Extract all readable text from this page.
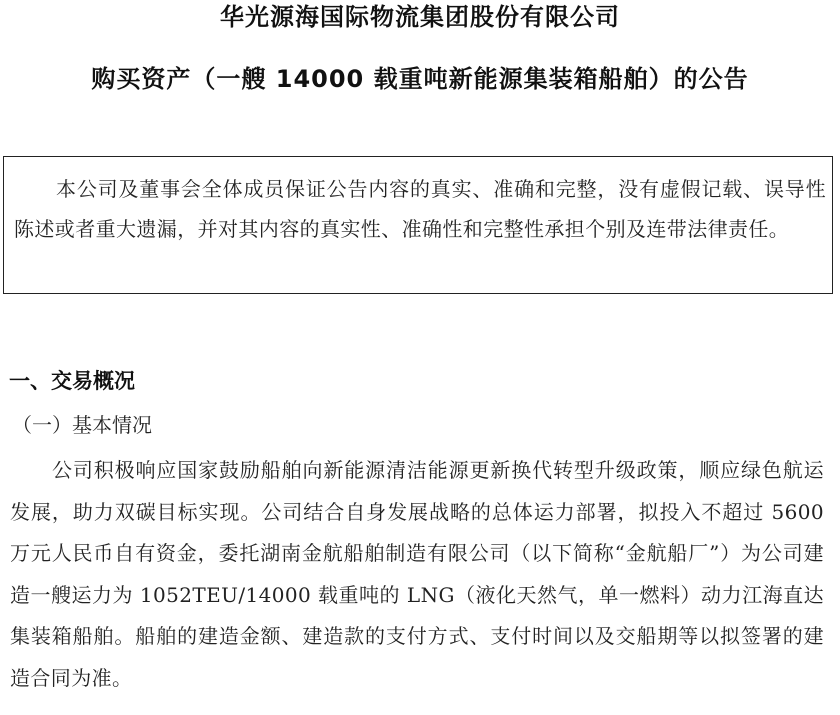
华光源海国际物流集团股份有限公司
购买资产（一艘 14000 载重吨新能源集装箱船舶）的公告
本公司及董事会全体成员保证公告内容的真实、准确和完整，没有虚假记载、误导性陈述或者重大遗漏，并对其内容的真实性、准确性和完整性承担个别及连带法律责任。
一、交易概况
（一）基本情况
公司积极响应国家鼓励船舶向新能源清洁能源更新换代转型升级政策，顺应绿色航运发展，助力双碳目标实现。公司结合自身发展战略的总体运力部署，拟投入不超过 5600 万元人民币自有资金，委托湖南金航船舶制造有限公司（以下简称“金航船厂”）为公司建造一艘运力为 1052TEU/14000 载重吨的 LNG（液化天然气，单一燃料）动力江海直达集装箱船舶。船舶的建造金额、建造款的支付方式、支付时间以及交船期等以拟签署的建造合同为准。
